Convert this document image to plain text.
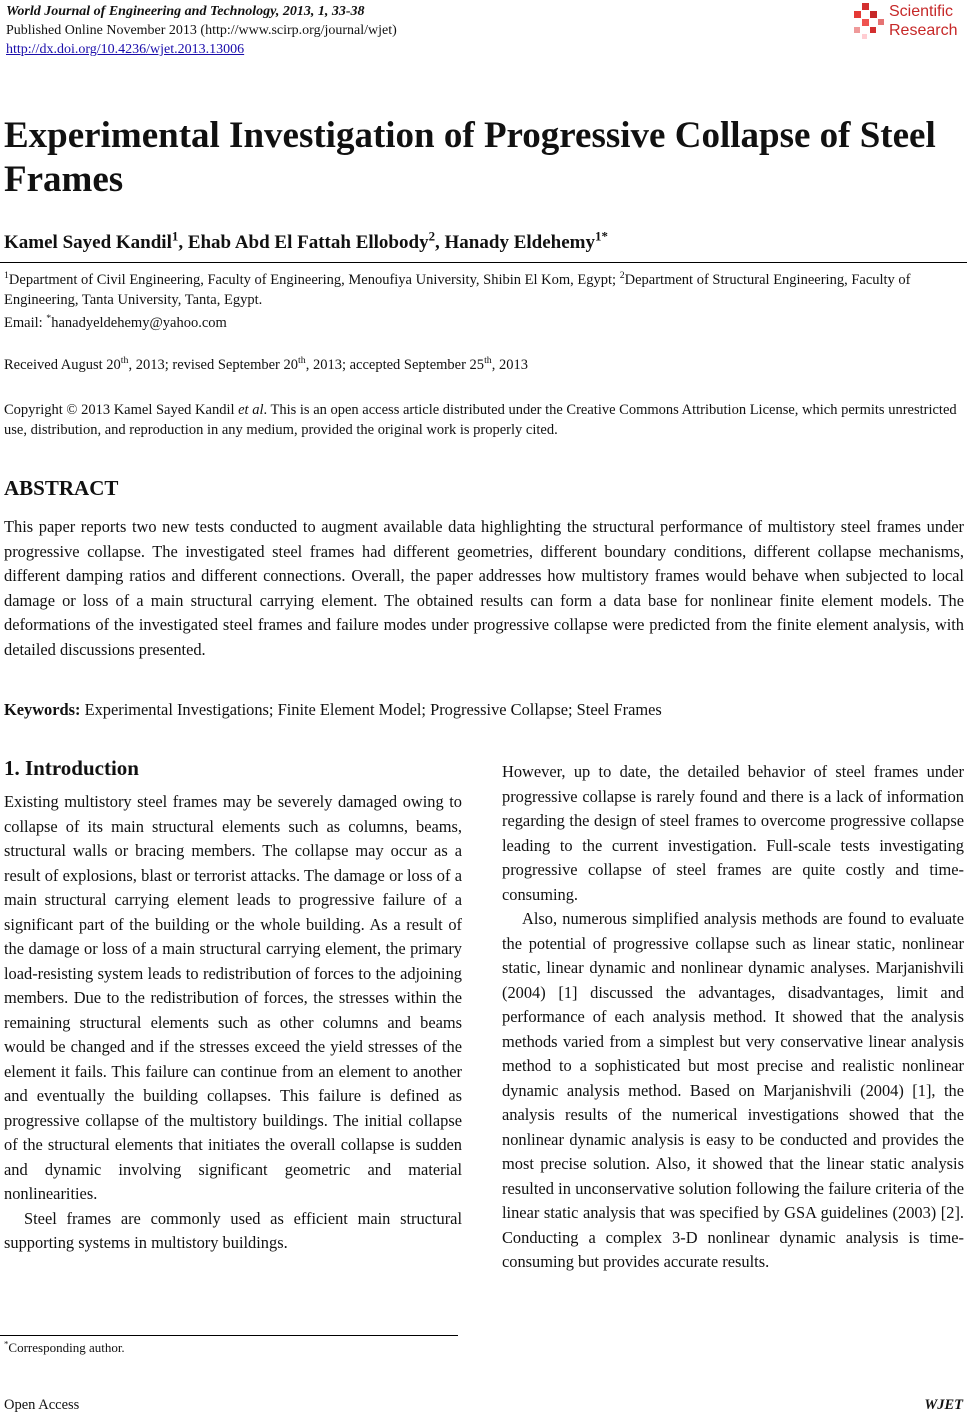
World Journal of Engineering and Technology, 2013, 1, 33-38
Published Online November 2013 (http://www.scirp.org/journal/wjet)
http://dx.doi.org/10.4236/wjet.2013.13006
Scientific
Research
Experimental Investigation of Progressive Collapse of Steel Frames
Kamel Sayed Kandil$^1$, Ehab Abd El Fattah Ellobody$^2$, Hanady Eldehemy$^{1*}$
$^1$Department of Civil Engineering, Faculty of Engineering, Menoufiya University, Shibin El Kom, Egypt; $^2$Department of Structural Engineering, Faculty of Engineering, Tanta University, Tanta, Egypt.
Email: *hanadyeldehemy@yahoo.com
Received August 20th, 2013; revised September 20th, 2013; accepted September 25th, 2013
Copyright © 2013 Kamel Sayed Kandil et al. This is an open access article distributed under the Creative Commons Attribution License, which permits unrestricted use, distribution, and reproduction in any medium, provided the original work is properly cited.
ABSTRACT
This paper reports two new tests conducted to augment available data highlighting the structural performance of multistory steel frames under progressive collapse. The investigated steel frames had different geometries, different boundary conditions, different collapse mechanisms, different damping ratios and different connections. Overall, the paper addresses how multistory frames would behave when subjected to local damage or loss of a main structural carrying element. The obtained results can form a data base for nonlinear finite element models. The deformations of the investigated steel frames and failure modes under progressive collapse were predicted from the finite element analysis, with detailed discussions presented.
Keywords: Experimental Investigations; Finite Element Model; Progressive Collapse; Steel Frames
1. Introduction

Existing multistory steel frames may be severely damaged owing to collapse of its main structural elements such as columns, beams, structural walls or bracing members. The collapse may occur as a result of explosions, blast or terrorist attacks. The damage or loss of a main structural carrying element leads to progressive failure of a significant part of the building or the whole building. As a result of the damage or loss of a main structural carrying element, the primary load-resisting system leads to redistribution of forces to the adjoining members. Due to the redistribution of forces, the stresses within the remaining structural elements such as other columns and beams would be changed and if the stresses exceed the yield stresses of the element it fails. This failure can continue from an element to another and eventually the building collapses. This failure is defined as progressive collapse of the multistory buildings. The initial collapse of the structural elements that initiates the overall collapse is sudden and dynamic involving significant geometric and material nonlinearities.

Steel frames are commonly used as efficient main structural supporting systems in multistory buildings.

However, up to date, the detailed behavior of steel frames under progressive collapse is rarely found and there is a lack of information regarding the design of steel frames to overcome progressive collapse leading to the current investigation. Full-scale tests investigating progressive collapse of steel frames are quite costly and time-consuming.

Also, numerous simplified analysis methods are found to evaluate the potential of progressive collapse such as linear static, nonlinear static, linear dynamic and nonlinear dynamic analyses. Marjanishvili (2004) [1] discussed the advantages, disadvantages, limit and performance of each analysis method. It showed that the analysis methods varied from a simplest but very conservative linear analysis method to a sophisticated but most precise and realistic nonlinear dynamic analysis method. Based on Marjanishvili (2004) [1], the analysis results of the numerical investigations showed that the nonlinear dynamic analysis is easy to be conducted and provides the most precise solution. Also, it showed that the linear static analysis resulted in unconservative solution following the failure criteria of the linear static analysis that was specified by GSA guidelines (2003) [2]. Conducting a complex 3-D nonlinear dynamic analysis is time-consuming but provides accurate results.

*Corresponding author.
Open Access	WJET
